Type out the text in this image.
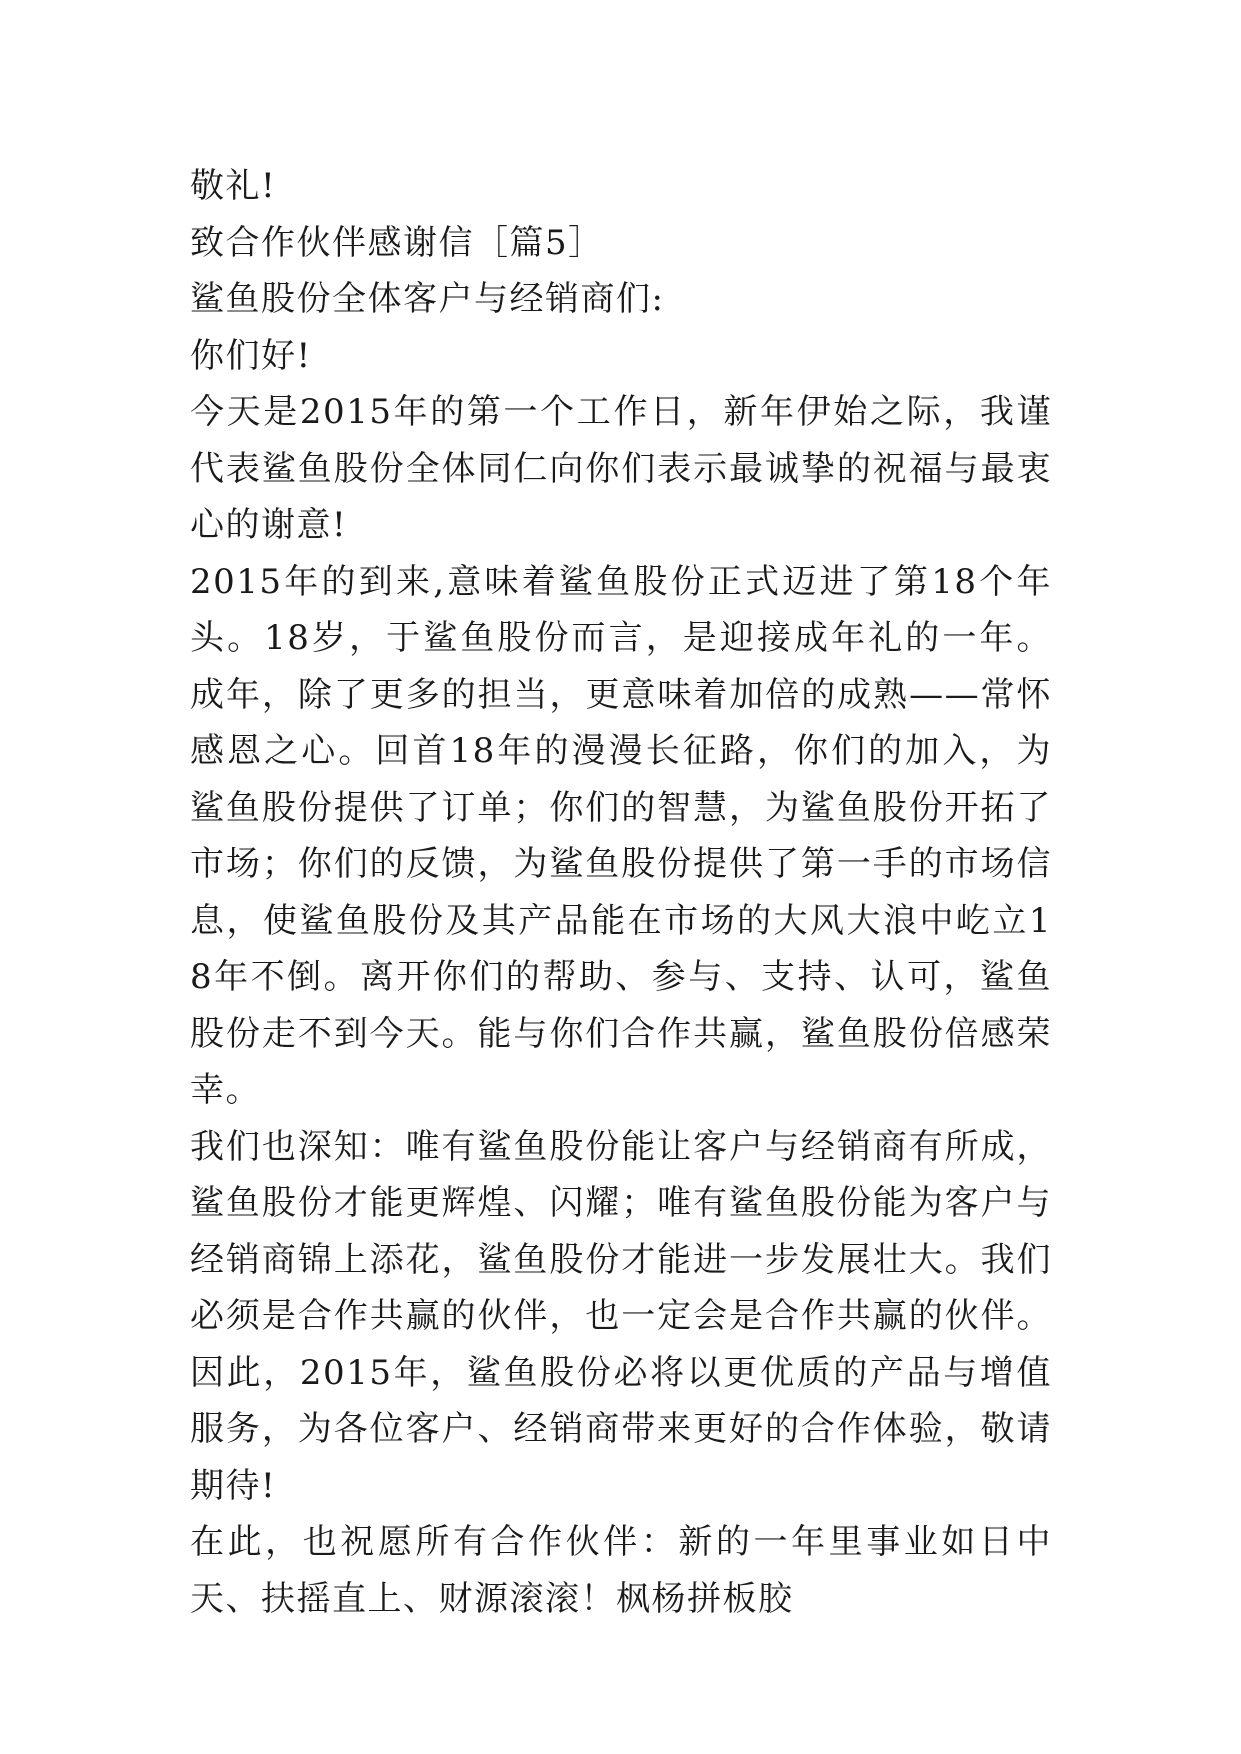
敬礼!

致合作伙伴感谢信［篇5］

鲨鱼股份全体客户与经销商们:

你们好!

今天是2015年的第一个工作日，新年伊始之际，我谨代表鲨鱼股份全体同仁向你们表示最诚挚的祝福与最衷心的谢意!

2015年的到来,意味着鲨鱼股份正式迈进了第18个年头。18岁，于鲨鱼股份而言，是迎接成年礼的一年。成年，除了更多的担当，更意味着加倍的成熟——常怀感恩之心。回首18年的漫漫长征路，你们的加入，为鲨鱼股份提供了订单；你们的智慧，为鲨鱼股份开拓了市场；你们的反馈，为鲨鱼股份提供了第一手的市场信息，使鲨鱼股份及其产品能在市场的大风大浪中屹立18年不倒。离开你们的帮助、参与、支持、认可，鲨鱼股份走不到今天。能与你们合作共赢，鲨鱼股份倍感荣幸。

我们也深知：唯有鲨鱼股份能让客户与经销商有所成，鲨鱼股份才能更辉煌、闪耀；唯有鲨鱼股份能为客户与经销商锦上添花，鲨鱼股份才能进一步发展壮大。我们必须是合作共赢的伙伴，也一定会是合作共赢的伙伴。因此，2015年，鲨鱼股份必将以更优质的产品与增值服务，为各位客户、经销商带来更好的合作体验，敬请期待!

在此，也祝愿所有合作伙伴：新的一年里事业如日中天、扶摇直上、财源滚滚！枫杨拼板胶
